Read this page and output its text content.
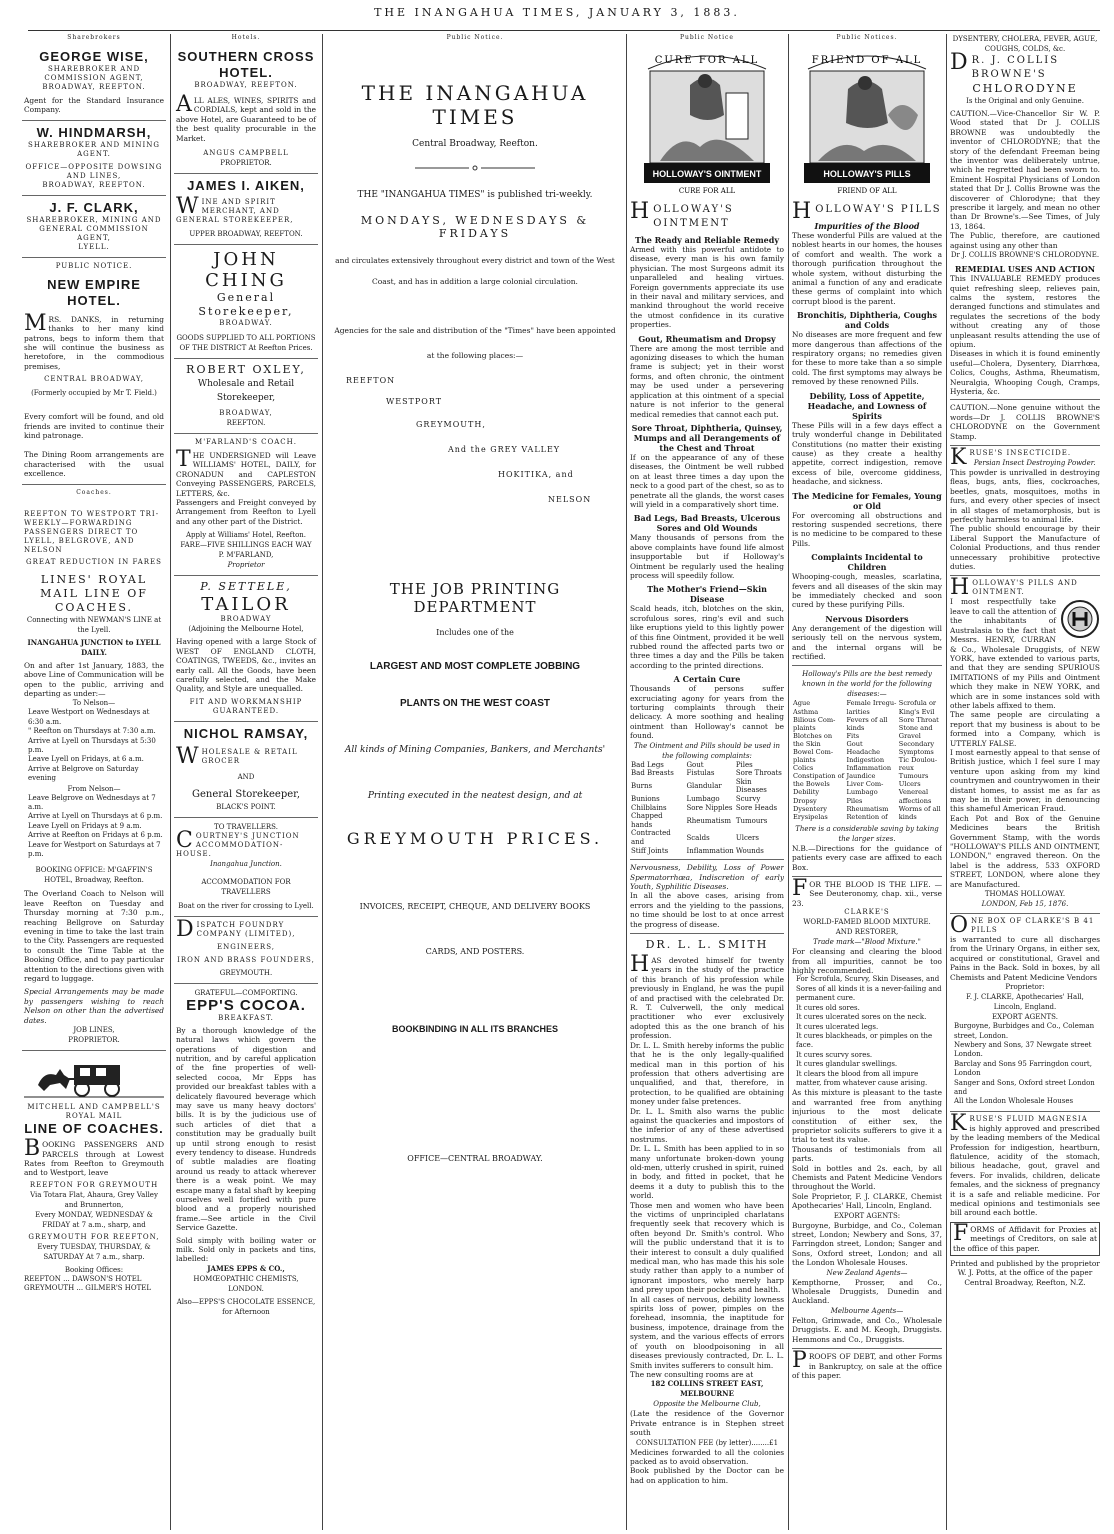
THE INANGAHUA TIMES, JANUARY 3, 1883.
Sharebrokers
GEORGE WISE,
SHAREBROKER AND COMMISSION AGENT,
BROADWAY, REEFTON.
Agent for the Standard Insurance Company.
W. HINDMARSH,
SHAREBROKER AND MINING AGENT.
OFFICE—OPPOSITE DOWSING AND LINES,
BROADWAY, REEFTON.
J. F. CLARK,
SHAREBROKER, MINING AND GENERAL COMMISSION AGENT,
LYELL.
PUBLIC NOTICE.
NEW EMPIRE HOTEL.
MRS. DANKS, in returning thanks to her many kind patrons, begs to inform them that she will continue the business as heretofore, in the commodious premises,
CENTRAL BROADWAY,
(Formerly occupied by Mr T. Field.)
Every comfort will be found, and old friends are invited to continue their kind patronage.
The Dining Room arrangements are characterised with the usual excellence.
Coaches.
REEFTON TO WESTPORT TRI-WEEKLY—FORWARDING PASSENGERS DIRECT TO LYELL, BELGROVE, AND NELSON
GREAT REDUCTION IN FARES
LINES' ROYAL MAIL LINE OF COACHES.
Connecting with NEWMAN'S LINE at the Lyell.
INANGAHUA JUNCTION to LYELL DAILY.
On and after 1st January, 1883, the above Line of Communication will be open to the public, arriving and departing as under:—
To Nelson—
Leave Westport on Wednesdays at 6:30 a.m.
" Reefton on Thursdays at 7:30 a.m.
Arrive at Lyell on Thursdays at 5:30 p.m.
Leave Lyell on Fridays, at 6 a.m.
Arrive at Belgrove on Saturday evening
From Nelson—
Leave Belgrove on Wednesdays at 7 a.m.
Arrive at Lyell on Thursdays at 6 p.m.
Leave Lyell on Fridays at 9 a.m.
Arrive at Reefton on Fridays at 6 p.m.
Leave for Westport on Saturdays at 7 p.m.
BOOKING OFFICE: M'GAFFIN'S HOTEL, Broadway, Reefton.
The Overland Coach to Nelson will leave Reefton on Tuesday and Thursday morning at 7:30 p.m., reaching Bellgrove on Saturday evening in time to take the last train to the City. Passengers are requested to consult the Time Table at the Booking Office, and to pay particular attention to the directions given with regard to luggage.
Special Arrangements may be made by passengers wishing to reach Nelson on other than the advertised dates.
JOB LINES,
PROPRIETOR.
MITCHELL AND CAMPBELL'S ROYAL MAIL
LINE OF COACHES.
BOOKING PASSENGERS AND PARCELS through at Lowest Rates from Reefton to Greymouth and to Westport, leave
REEFTON FOR GREYMOUTH
Via Totara Flat, Ahaura, Grey Valley and Brunnerton,
Every MONDAY, WEDNESDAY & FRIDAY at 7 a.m., sharp, and
GREYMOUTH FOR REEFTON,
Every TUESDAY, THURSDAY, & SATURDAY At 7 a.m., sharp.
Booking Offices:
REEFTON ... DAWSON'S HOTEL
GREYMOUTH ... GILMER'S HOTEL
Hotels.
SOUTHERN CROSS HOTEL.
BROADWAY, REEFTON.
ALL ALES, WINES, SPIRITS and CORDIALS, kept and sold in the above Hotel, are Guaranteed to be of the best quality procurable in the Market.
ANGUS CAMPBELL
PROPRIETOR.
JAMES I. AIKEN,
WINE AND SPIRIT MERCHANT, AND GENERAL STOREKEEPER,
UPPER BROADWAY, REEFTON.
JOHN CHING
General Storekeeper,
BROADWAY.
GOODS SUPPLIED TO ALL PORTIONS OF THE DISTRICT At Reefton Prices.
ROBERT OXLEY,
Wholesale and Retail Storekeeper,
BROADWAY,
REEFTON.
M'FARLAND'S COACH.
THE UNDERSIGNED will Leave WILLIAMS' HOTEL, DAILY, for CRONADUN and CAPLESTON Conveying PASSENGERS, PARCELS, LETTERS, &c.
Passengers and Freight conveyed by Arrangement from Reefton to Lyell and any other part of the District.
Apply at Williams' Hotel, Reefton.
FARE—FIVE SHILLINGS EACH WAY
P. M'FARLAND,
Proprietor
P. SETTELE,
TAILOR
BROADWAY
(Adjoining the Melbourne Hotel,
Having opened with a large Stock of WEST OF ENGLAND CLOTH, COATINGS, TWEEDS, &c., invites an early call. All the Goods, have been carefully selected, and the Make Quality, and Style are unequalled.
FIT AND WORKMANSHIP GUARANTEED.
NICHOL RAMSAY,
WHOLESALE & RETAIL GROCER
AND
General Storekeeper,
BLACK'S POINT.
TO TRAVELLERS.
COURTNEY'S JUNCTION ACCOMMODATION-HOUSE.
Inangahua Junction.
ACCOMMODATION FOR TRAVELLERS
Boat on the river for crossing to Lyell.
DISPATCH FOUNDRY COMPANY (LIMITED),
ENGINEERS,
IRON AND BRASS FOUNDERS,
GREYMOUTH.
GRATEFUL—COMFORTING.
EPP'S COCOA.
BREAKFAST.
By a thorough knowledge of the natural laws which govern the operations of digestion and nutrition, and by careful application of the fine properties of well-selected cocoa, Mr Epps has provided our breakfast tables with a delicately flavoured beverage which may save us many heavy doctors' bills. It is by the judicious use of such articles of diet that a constitution may be gradually built up until strong enough to resist every tendency to disease. Hundreds of subtle maladies are floating around us ready to attack wherever there is a weak point. We may escape many a fatal shaft by keeping ourselves well fortified with pure blood and a properly nourished frame.—See article in the Civil Service Gazette.
Sold simply with boiling water or milk. Sold only in packets and tins, labelled:
JAMES EPPS & CO.,
HOMŒOPATHIC CHEMISTS,
LONDON.
Also—EPPS'S CHOCOLATE ESSENCE, for Afternoon
Public Notice.
THE INANGAHUA TIMES
Central Broadway, Reefton.
THE "INANGAHUA TIMES" is published tri-weekly.
MONDAYS, WEDNESDAYS & FRIDAYS
and circulates extensively throughout every district and town of the West
Coast, and has in addition a large colonial circulation.
Agencies for the sale and distribution of the "Times" have been appointed
at the following places:—
REEFTON
WESTPORT
GREYMOUTH,
And the GREY VALLEY
HOKITIKA, and
NELSON
THE JOB PRINTING DEPARTMENT
Includes one of the
LARGEST AND MOST COMPLETE JOBBING
PLANTS ON THE WEST COAST
All kinds of Mining Companies, Bankers, and Merchants'
Printing executed in the neatest design, and at
GREYMOUTH PRICES.
INVOICES, RECEIPT, CHEQUE, AND DELIVERY BOOKS
CARDS, AND POSTERS.
BOOKBINDING IN ALL ITS BRANCHES
OFFICE—CENTRAL BROADWAY.
Public Notice
CURE FOR ALL
HOLLOWAY'S OINTMENT
CURE FOR ALL
HOLLOWAY'S OINTMENT
The Ready and Reliable Remedy
Armed with this powerful antidote to disease, every man is his own family physician. The most Surgeons admit its unparalleled and healing virtues. Foreign governments appreciate its use in their naval and military services, and mankind throughout the world receive the utmost confidence in its curative properties.
Gout, Rheumatism and Dropsy
There are among the most terrible and agonizing diseases to which the human frame is subject; yet in their worst forms, and often chronic, the ointment may be used under a persevering application at this ointment of a special nature is not inferior to the general medical remedies that cannot each put.
Sore Throat, Diphtheria, Quinsey, Mumps and all Derangements of the Chest and Throat
If on the appearance of any of these diseases, the Ointment be well rubbed on at least three times a day upon the neck to a good part of the chest, so as to penetrate all the glands, the worst cases will yield in a comparatively short time.
Bad Legs, Bad Breasts, Ulcerous Sores and Old Wounds
Many thousands of persons from the above complaints have found life almost insupportable but if Holloway's Ointment be regularly used the healing process will speedily follow.
The Mother's Friend—Skin Disease
Scald heads, itch, blotches on the skin, scrofulous sores, ring's evil and such like eruptions yield to this lightly power of this fine Ointment, provided it be well rubbed round the affected parts two or three times a day and the Pills be taken according to the printed directions.
A Certain Cure
Thousands of persons suffer excruciating agony for years from the torturing complaints through their delicacy. A more soothing and healing ointment than Holloway's cannot be found.
The Ointment and Pills should be used in the following complaints:
Bad Legs	Gout	Piles
Bad Breasts	Fistulas	Sore Throats
Burns	Glandular	Skin Diseases
Bunions	Lumbago	Scurvy
Chilblains	Sore Nipples	Sore Heads
Chapped hands	Rheumatism	Tumours
Contracted and	Scalds	Ulcers
Stiff Joints	Inflammation	Wounds
Nervousness, Debility, Loss of Power Spermatorrhœa, Indiscretion of early Youth, Syphilitic Diseases.
In all the above cases, arising from errors and the yielding to the passions, no time should be lost to at once arrest the progress of disease.
DR. L. L. SMITH
HAS devoted himself for twenty years in the study of the practice of this branch of his profession while previously in England, he was the pupil of and practised with the celebrated Dr. R. T. Culverwell, the only medical practitioner who ever exclusively adopted this as the one branch of his profession.
Dr. L. L. Smith hereby informs the public that he is the only legally-qualified medical man in this portion of his profession that others advertising are unqualified, and that, therefore, in protection, to be qualified are obtaining money under false pretences.
Dr. L. L. Smith also warns the public against the quackeries and impostors of the inferior of any of these advertised nostrums.
Dr. L. L. Smith has been applied to in so many unfortunate broken-down young old-men, utterly crushed in spirit, ruined in body, and fitted in pocket, that he deems it a duty to publish this to the world.
Those men and women who have been the victims of unprincipled charlatans frequently seek that recovery which is often beyond Dr. Smith's control. Who will the public understand that it is to their interest to consult a duly qualified medical man, who has made this his sole study rather than apply to a number of ignorant impostors, who merely harp and prey upon their pockets and health.
In all cases of nervous, debility lowness spirits loss of power, pimples on the forehead, insomnia, the inaptitude for business, impotence, drainage from the system, and the various effects of errors of youth on bloodpoisoning in all diseases previously contracted, Dr. L. L. Smith invites sufferers to consult him.
The new consulting rooms are at
182 COLLINS STREET EAST, MELBOURNE
Opposite the Melbourne Club,
(Late the residence of the Governor Private entrance is in Stephen street south
CONSULTATION FEE (by letter)........£1
Medicines forwarded to all the colonies packed as to avoid observation.
Book published by the Doctor can be had on application to him.
Public Notices.
FRIEND OF ALL
HOLLOWAY'S PILLS
FRIEND OF ALL
HOLLOWAY'S PILLS
Impurities of the Blood
These wonderful Pills are valued at the noblest hearts in our homes, the houses of comfort and wealth. The work a thorough purification throughout the whole system, without disturbing the animal a function of any and eradicate these germs of complaint into which corrupt blood is the parent.
Bronchitis, Diphtheria, Coughs and Colds
No diseases are more frequent and few more dangerous than affections of the respiratory organs; no remedies given for these to more take than a so simple cold. The first symptoms may always be removed by these renowned Pills.
Debility, Loss of Appetite, Headache, and Lowness of Spirits
These Pills will in a few days effect a truly wonderful change in Debilitated Constitutions (no matter their existing cause) as they create a healthy appetite, correct indigestion, remove excess of bile, overcome giddiness, headache, and sickness.
The Medicine for Females, Young or Old
For overcoming all obstructions and restoring suspended secretions, there is no medicine to be compared to these Pills.
Complaints Incidental to Children
Whooping-cough, measles, scarlatina, fevers and all diseases of the skin may be immediately checked and soon cured by these purifying Pills.
Nervous Disorders
Any derangement of the digestion will seriously tell on the nervous system, and the internal organs will be rectified.
Holloway's Pills are the best remedy known in the world for the following diseases:—
Ague	Female Irregu-	Scrofula or
Asthma	larities	King's Evil
Bilious Com-	Fevers of all	Sore Throat
plaints	kinds	Stone and
Blotches on	Fits	Gravel
the Skin	Gout	Secondary
Bowel Com-	Headache	Symptoms
plaints	Indigestion	Tic Doulou-
Colics	Inflammation	reux
Constipation of	Jaundice	Tumours
the Bowels	Liver Com-	Ulcers
Debility	Lumbago	Venereal
Dropsy	Piles	affections
Dysentery	Rheumatism	Worms of all
Erysipelas	Retention of	kinds
There is a considerable saving by taking the larger sizes.
N.B.—Directions for the guidance of patients every case are affixed to each Box.
FOR THE BLOOD IS THE LIFE. —See Deuteronomy, chap. xii., verse 23.
CLARKE'S
WORLD-FAMED BLOOD MIXTURE.
AND RESTORER,
Trade mark—"Blood Mixture."
For cleansing and clearing the blood from all impurities, cannot be too highly recommended.
For Scrofula, Scurvy, Skin Diseases, and Sores of all kinds it is a never-failing and permanent cure.
It cures old sores.
It cures ulcerated sores on the neck.
It cures ulcerated legs.
It cures blackheads, or pimples on the face.
It cures scurvy sores.
It cures glandular swellings.
It clears the blood from all impure matter, from whatever cause arising.
As this mixture is pleasant to the taste and warranted free from anything injurious to the most delicate constitution of either sex, the proprietor solicits sufferers to give it a trial to test its value.
Thousands of testimonials from all parts.
Sold in bottles and 2s. each, by all Chemists and Patent Medicine Vendors throughout the World.
Sole Proprietor, F. J. CLARKE, Chemist Apothecaries' Hall, Lincoln, England.
EXPORT AGENTS:
Burgoyne, Burbidge, and Co., Coleman street, London; Newbery and Sons, 37, Farringdon street, London; Sanger and Sons, Oxford street, London; and all the London Wholesale Houses.
New Zealand Agents—
Kempthorne, Prosser, and Co., Wholesale Druggists, Dunedin and Auckland.
Melbourne Agents—
Felton, Grimwade, and Co., Wholesale Druggists. E. and M. Keogh, Druggists. Hemmons and Co., Druggists.
PROOFS OF DEBT, and other Forms in Bankruptcy, on sale at the office of this paper.
DYSENTERY, CHOLERA, FEVER, AGUE, COUGHS, COLDS, &c.
DR. J. COLLIS BROWNE'S
CHLORODYNE
Is the Original and only Genuine.
CAUTION.—Vice-Chancellor Sir W. P. Wood stated that Dr J. COLLIS BROWNE was undoubtedly the inventor of CHLORODYNE; that the story of the defendant Freeman being the inventor was deliberately untrue, which he regretted had been sworn to. Eminent Hospital Physicians of London stated that Dr J. Collis Browne was the discoverer of Chlorodyne; that they prescribe it largely, and mean no other than Dr Browne's.—See Times, of July 13, 1864.
The Public, therefore, are cautioned against using any other than
Dr J. COLLIS BROWNE'S CHLORODYNE.
REMEDIAL USES AND ACTION
This INVALUABLE REMEDY produces quiet refreshing sleep, relieves pain, calms the system, restores the deranged functions and stimulates and regulates the secretions of the body without creating any of those unpleasant results attending the use of opium.
Diseases in which it is found eminently useful—Cholera, Dysentery, Diarrhœa, Colics, Coughs, Asthma, Rheumatism, Neuralgia, Whooping Cough, Cramps, Hysteria, &c.
CAUTION.—None genuine without the words—Dr J. COLLIS BROWNE'S CHLORODYNE on the Government Stamp.
KRUSE'S INSECTICIDE.
Persian Insect Destroying Powder.
This powder is unrivalled in destroying fleas, bugs, ants, flies, cockroaches, beetles, gnats, mosquitoes, moths in furs, and every other species of insect in all stages of metamorphosis, but is perfectly harmless to animal life.
The public should encourage by their Liberal Support the Manufacture of Colonial Productions, and thus render unnecessary prohibitive protective duties.
HOLLOWAY'S PILLS AND OINTMENT.
I most respectfully take leave to call the attention of the inhabitants of Australasia to the fact that Messrs. HENRY, CURRAN & Co., Wholesale Druggists, of NEW YORK, have extended to various parts, and that they are sending SPURIOUS IMITATIONS of my Pills and Ointment which they make in NEW YORK, and which are in some instances sold with other labels affixed to them.
The same people are circulating a report that my business is about to be formed into a Company, which is UTTERLY FALSE.
I most earnestly appeal to that sense of British justice, which I feel sure I may venture upon asking from my kind countrymen and countrywomen in their distant homes, to assist me as far as may be in their power, in denouncing this shameful American Fraud.
Each Pot and Box of the Genuine Medicines bears the British Government Stamp, with the words "HOLLOWAY'S PILLS AND OINTMENT, LONDON," engraved thereon. On the label is the address, 533 OXFORD STREET, LONDON, where alone they are Manufactured.
THOMAS HOLLOWAY.
LONDON, Feb 15, 1876.
ONE BOX OF CLARKE'S B 41 PILLS
is warranted to cure all discharges from the Urinary Organs, in either sex, acquired or constitutional, Gravel and Pains in the Back. Sold in boxes, by all Chemists and Patent Medicine Vendors
Proprietor:
F. J. CLARKE, Apothecaries' Hall,
Lincoln, England.
EXPORT AGENTS.
Burgoyne, Burbidges and Co., Coleman street, London.
Newbery and Sons, 37 Newgate street London.
Barclay and Sons 95 Farringdon court, London
Sanger and Sons, Oxford street London and
All the London Wholesale Houses
KRUSE'S FLUID MAGNESIA
is highly approved and prescribed by the leading members of the Medical Profession for indigestion, heartburn, flatulence, acidity of the stomach, bilious headache, gout, gravel and fevers. For invalids, children, delicate females, and the sickness of pregnancy it is a safe and reliable medicine. For medical opinions and testimonials see bill around each bottle.
FORMS of Affidavit for Proxies at meetings of Creditors, on sale at the office of this paper.
Printed and published by the proprietor W. J. Potts, at the office of the paper Central Broadway, Reefton, N.Z.
